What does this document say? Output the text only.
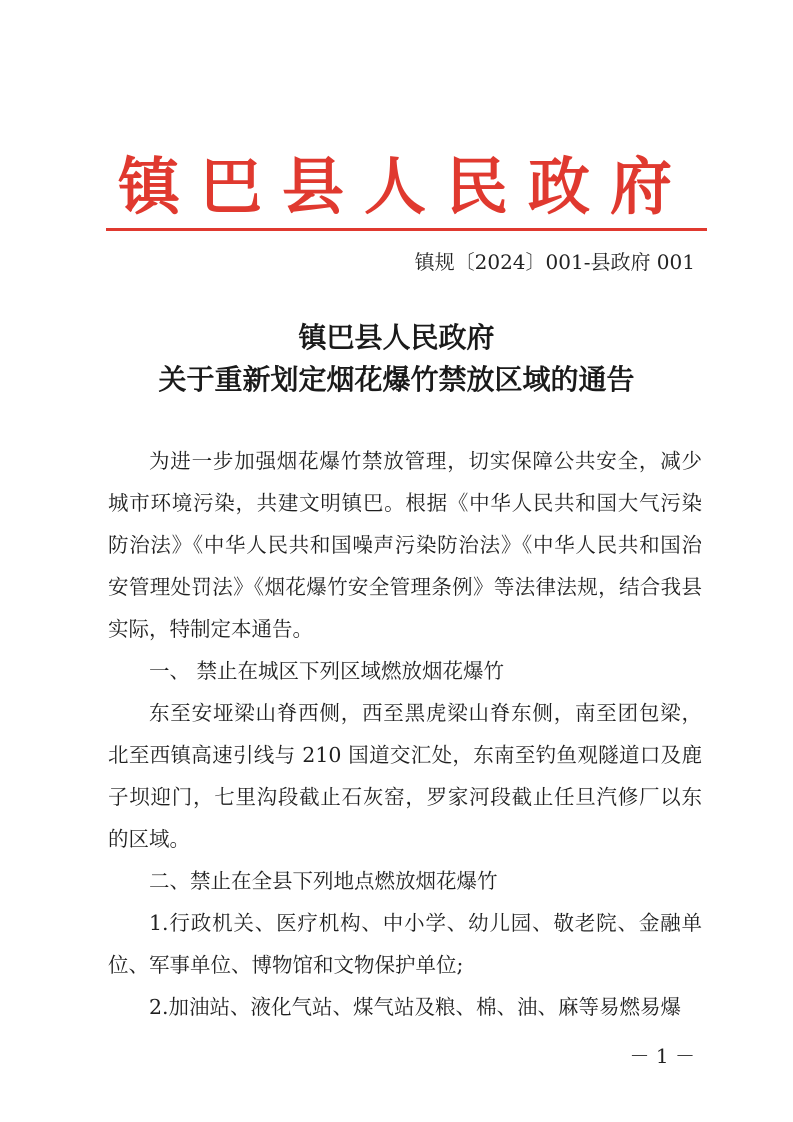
镇巴县人民政府
镇规〔2024〕001-县政府 001
镇巴县人民政府
关于重新划定烟花爆竹禁放区域的通告

为进一步加强烟花爆竹禁放管理，切实保障公共安全，减少城市环境污染，共建文明镇巴。根据《中华人民共和国大气污染防治法》《中华人民共和国噪声污染防治法》《中华人民共和国治安管理处罚法》《烟花爆竹安全管理条例》等法律法规，结合我县实际，特制定本通告。

一、 禁止在城区下列区域燃放烟花爆竹

东至安垭梁山脊西侧，西至黑虎梁山脊东侧，南至团包梁，北至西镇高速引线与 210 国道交汇处，东南至钓鱼观隧道口及鹿子坝迎门，七里沟段截止石灰窑，罗家河段截止任旦汽修厂以东的区域。

二、禁止在全县下列地点燃放烟花爆竹

1.行政机关、医疗机构、中小学、幼儿园、敬老院、金融单位、军事单位、博物馆和文物保护单位;

2.加油站、液化气站、煤气站及粮、棉、油、麻等易燃易爆

－ 1 －
